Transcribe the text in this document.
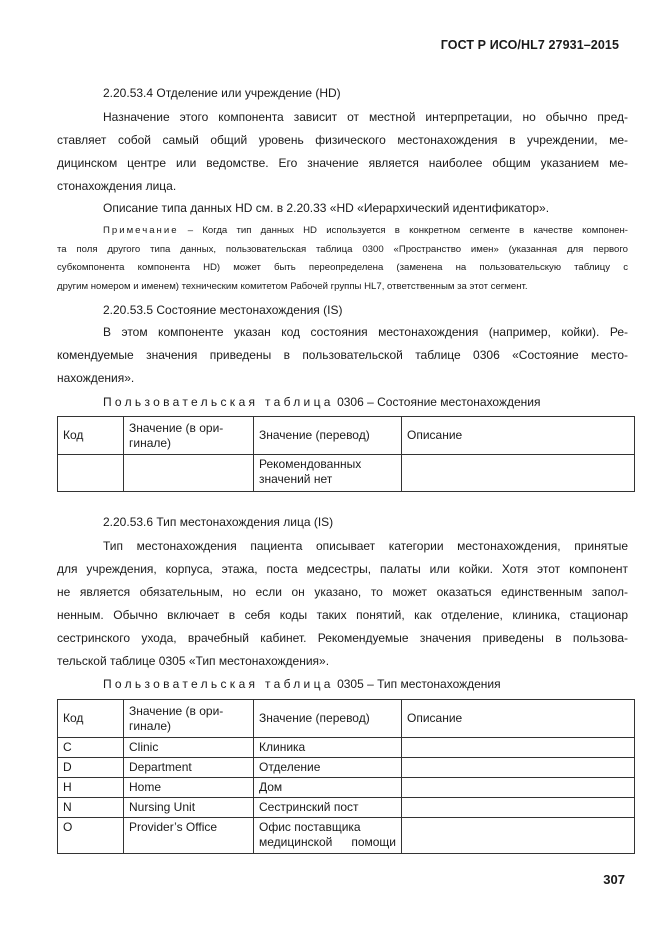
ГОСТ Р ИСО/HL7 27931–2015
2.20.53.4 Отделение или учреждение (HD)
Назначение этого компонента зависит от местной интерпретации, но обычно пред-
ставляет собой самый общий уровень физического местонахождения в учреждении, ме-
дицинском центре или ведомстве. Его значение является наиболее общим указанием ме-
стонахождения лица.
Описание типа данных HD см. в 2.20.33 «HD «Иерархический идентификатор».
Примечание – Когда тип данных HD используется в конкретном сегменте в качестве компонен-
та поля другого типа данных, пользовательская таблица 0300 «Пространство имен» (указанная для первого
субкомпонента компонента HD) может быть переопределена (заменена на пользовательскую таблицу с
другим номером и именем) техническим комитетом Рабочей группы HL7, ответственным за этот сегмент.
2.20.53.5 Состояние местонахождения (IS)
В этом компоненте указан код состояния местонахождения (например, койки). Ре-
комендуемые значения приведены в пользовательской таблице 0306 «Состояние место-
нахождения».
Пользовательская таблица 0306 – Состояние местонахождения
Код	Значение (в ори-гинале)	Значение (перевод)	Описание
		Рекомендованных значений нет	
2.20.53.6 Тип местонахождения лица (IS)
Тип местонахождения пациента описывает категории местонахождения, принятые
для учреждения, корпуса, этажа, поста медсестры, палаты или койки. Хотя этот компонент
не является обязательным, но если он указано, то может оказаться единственным запол-
ненным. Обычно включает в себя коды таких понятий, как отделение, клиника, стационар
сестринского ухода, врачебный кабинет. Рекомендуемые значения приведены в пользова-
тельской таблице 0305 «Тип местонахождения».
Пользовательская таблица 0305 – Тип местонахождения
Код	Значение (в ори-гинале)	Значение (перевод)	Описание
C	Clinic	Клиника	
D	Department	Отделение	
H	Home	Дом	
N	Nursing Unit	Сестринский пост	
O	Provider’s Office	Офис поставщика медицинской помощи	
307
